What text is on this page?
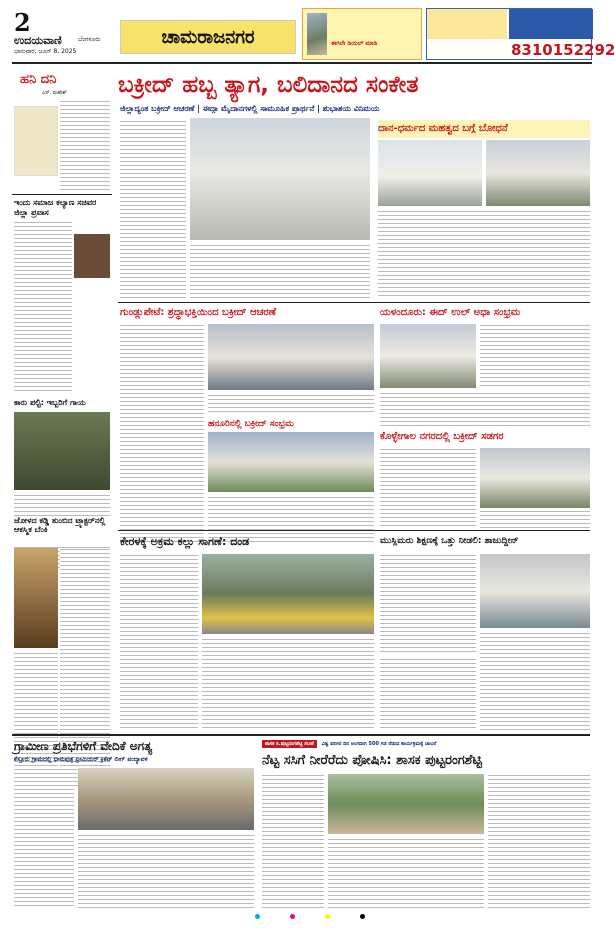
2
ಉದಯವಾಣಿ	ಬೆಂಗಳೂರು
ಭಾನುವಾರ, ಜೂನ್ 8, 2025
ಚಾಮರಾಜನಗರ	ಈಗಲೇ ಡಿಯಲ್ ಮಾಡಿ	8310152292
ಹನಿ ದನಿ
ಎಸ್. ಮಹೇಶ್
ಇಂದು ಸಮಾಜ ಕಲ್ಯಾಣ ಸಚಿವರ ಜಿಲ್ಲಾ ಪ್ರವಾಸ
ಕಾರು ಪಲ್ಟಿ: ಇಬ್ಬರಿಗೆ ಗಾಯ
ಜೋಳದ ಕಡ್ಡಿ ತುಂಬಿದ ಟ್ರ್ಯಾಕ್ಟರ್‌ನಲ್ಲಿ ಆಕಸ್ಮಿಕ ಬೆಂಕಿ
ಬಕ್ರೀದ್ ಹಬ್ಬ ತ್ಯಾಗ, ಬಲಿದಾನದ ಸಂಕೇತ
ಜಿಲ್ಲಾದ್ಯಂತ ಬಕ್ರೀದ್ ಆಚರಣೆ | ಈದ್ಗಾ ಮೈದಾನಗಳಲ್ಲಿ ಸಾಮೂಹಿಕ ಪ್ರಾರ್ಥನೆ | ಶುಭಾಶಯ ವಿನಿಮಯ
ದಾನ-ಧರ್ಮದ ಮಹತ್ವದ ಬಗ್ಗೆ ಬೋಧನೆ
ಗುಂಡ್ಲುಪೇಟೆ: ಶ್ರದ್ಧಾಭಕ್ತಿಯಿಂದ ಬಕ್ರೀದ್ ಆಚರಣೆ	ಯಳಂದೂರು: ಈದ್ ಉಲ್ ಅಧಾ ಸಂಭ್ರಮ
ಹನೂರಿನಲ್ಲಿ ಬಕ್ರೀದ್ ಸಂಭ್ರಮ
ಕೊಳ್ಳೇಗಾಲ ನಗರದಲ್ಲಿ ಬಕ್ರೀದ್ ಸಡಗರ
ಕೇರಳಕ್ಕೆ ಅಕ್ರಮ ಕಲ್ಲು ಸಾಗಣೆ: ದಂಡ	ಮುಸ್ಲಿಮರು ಶಿಕ್ಷಣಕ್ಕೆ ಒತ್ತು ನೀಡಲಿ: ತಾಜುದ್ದೀನ್
ಗ್ರಾಮೀಣ ಪ್ರತಿಭೆಗಳಿಗೆ ವೇದಿಕೆ ಅಗತ್ಯ
ಕೆಸ್ತೂರು ಗ್ರಾಮದಲ್ಲಿ ಭೀಮಪುತ್ರ ಪ್ರೀಮಿಯರ್ ಕ್ರಿಕೆಟ್ ಲೀಗ್ ಪಂದ್ಯಾವಳಿ
ಶಾಸಕ ಸಿ.ಪುಟ್ಟರಂಗಶೆಟ್ಟಿ ಸಲಹೆ ವಿಶ್ವ ಪರಿಸರ ದಿನ ಅಂಗವಾಗಿ 500 ಗಿಡ ನೆಡುವ ಕಾರ್ಯಕ್ರಮಕ್ಕೆ ಚಾಲನೆ
ನೆಟ್ಟ ಸಸಿಗೆ ನೀರೆರೆದು ಪೋಷಿಸಿ: ಶಾಸಕ ಪುಟ್ಟರಂಗಶೆಟ್ಟಿ
